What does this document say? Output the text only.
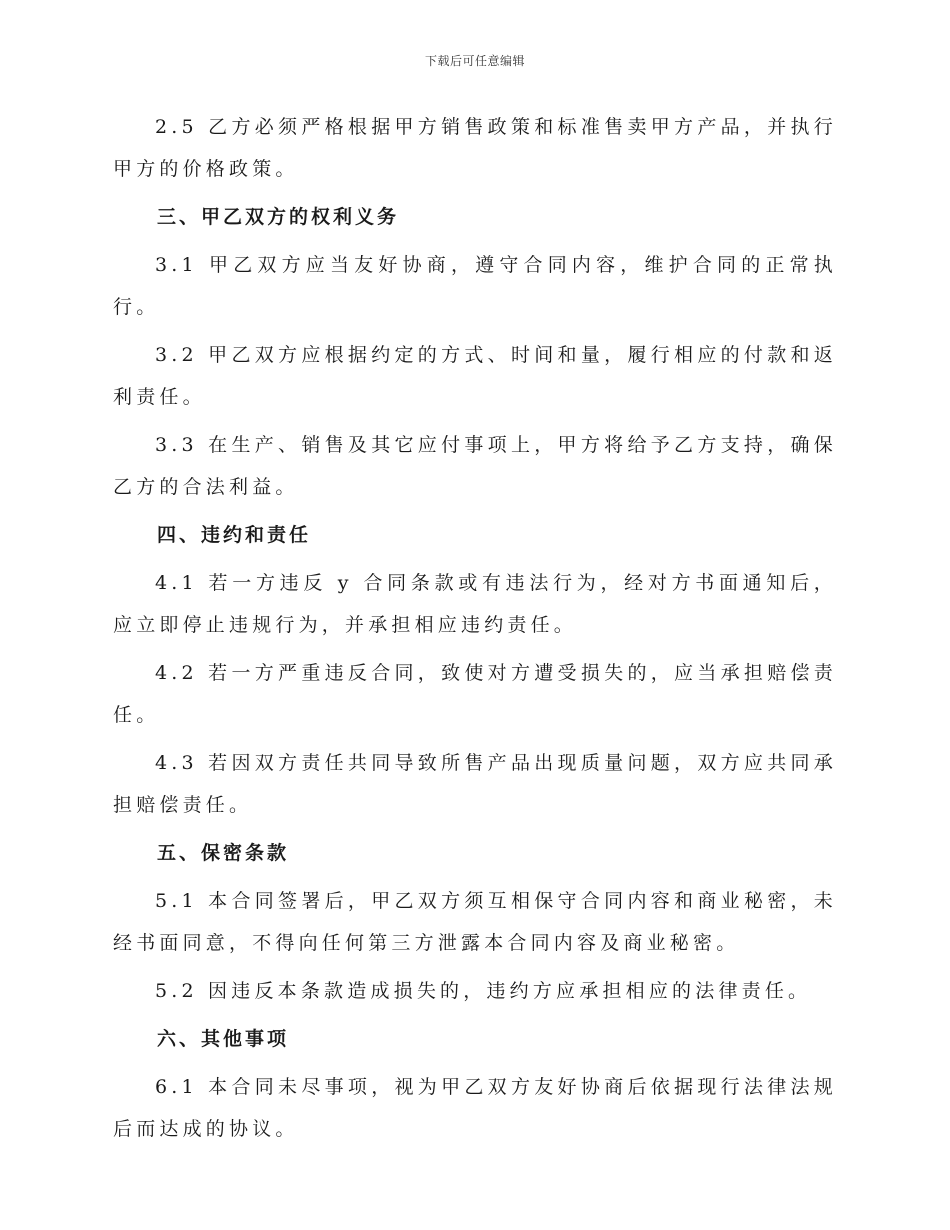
下载后可任意编辑

2.5 乙方必须严格根据甲方销售政策和标准售卖甲方产品，并执行甲方的价格政策。

三、甲乙双方的权利义务

3.1 甲乙双方应当友好协商，遵守合同内容，维护合同的正常执行。

3.2 甲乙双方应根据约定的方式、时间和量，履行相应的付款和返利责任。

3.3 在生产、销售及其它应付事项上，甲方将给予乙方支持，确保乙方的合法利益。

四、违约和责任

4.1 若一方违反 y 合同条款或有违法行为，经对方书面通知后，应立即停止违规行为，并承担相应违约责任。

4.2 若一方严重违反合同，致使对方遭受损失的，应当承担赔偿责任。

4.3 若因双方责任共同导致所售产品出现质量问题，双方应共同承担赔偿责任。

五、保密条款

5.1 本合同签署后，甲乙双方须互相保守合同内容和商业秘密，未经书面同意，不得向任何第三方泄露本合同内容及商业秘密。

5.2 因违反本条款造成损失的，违约方应承担相应的法律责任。

六、其他事项

6.1 本合同未尽事项，视为甲乙双方友好协商后依据现行法律法规后而达成的协议。
